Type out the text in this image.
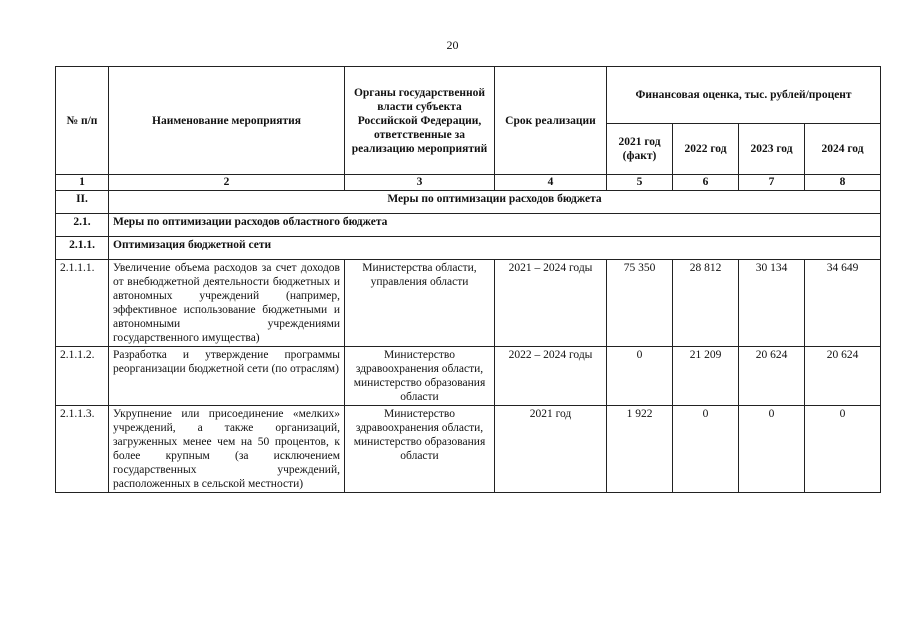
20
№ п/п	Наименование мероприятия	Органы государственной власти субъекта Российской Федерации, ответственные за реализацию мероприятий	Срок реализации	Финансовая оценка, тыс. рублей/процент			
				2021 год (факт)	2022 год	2023 год	2024 год
1	2	3	4	5	6	7	8
II.	Меры по оптимизации расходов бюджета						
2.1.	Меры по оптимизации расходов областного бюджета						
2.1.1.	Оптимизация бюджетной сети						
2.1.1.1.	Увеличение объема расходов за счет доходов от внебюджетной деятельности бюджетных и автономных учреждений (например, эффективное использование бюджетными и автономными учреждениями государственного имущества)	Министерства области, управления области	2021 – 2024 годы	75 350	28 812	30 134	34 649
2.1.1.2.	Разработка и утверждение программы реорганизации бюджетной сети (по отраслям)	Министерство здравоохранения области, министерство образования области	2022 – 2024 годы	0	21 209	20 624	20 624
2.1.1.3.	Укрупнение или присоединение «мелких» учреждений, а также организаций, загруженных менее чем на 50 процентов, к более крупным (за исключением государственных учреждений, расположенных в сельской местности)	Министерство здравоохранения области, министерство образования области	2021 год	1 922	0	0	0
